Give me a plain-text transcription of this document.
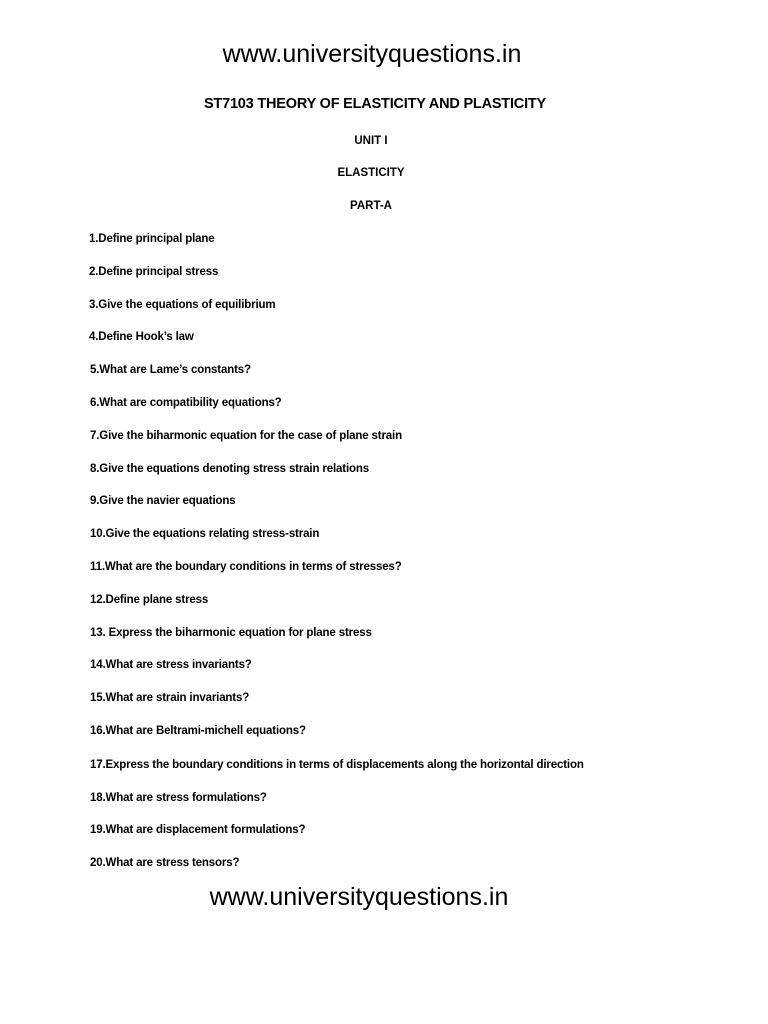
www.universityquestions.in
ST7103 THEORY OF ELASTICITY AND PLASTICITY
UNIT I
ELASTICITY
PART-A
1.Define principal plane
2.Define principal stress
3.Give the equations of equilibrium
4.Define Hook’s law
5.What are Lame’s constants?
6.What are compatibility equations?
7.Give the biharmonic equation for the case of plane strain
8.Give the equations denoting stress strain relations
9.Give the navier equations
10.Give the equations relating stress-strain
11.What are the boundary conditions in terms of stresses?
12.Define plane stress
13. Express the biharmonic equation for plane stress
14.What are stress invariants?
15.What are strain invariants?
16.What are Beltrami-michell equations?
17.Express the boundary conditions in terms of displacements along the horizontal direction
18.What are stress formulations?
19.What are displacement formulations?
20.What are stress tensors?
www.universityquestions.in
